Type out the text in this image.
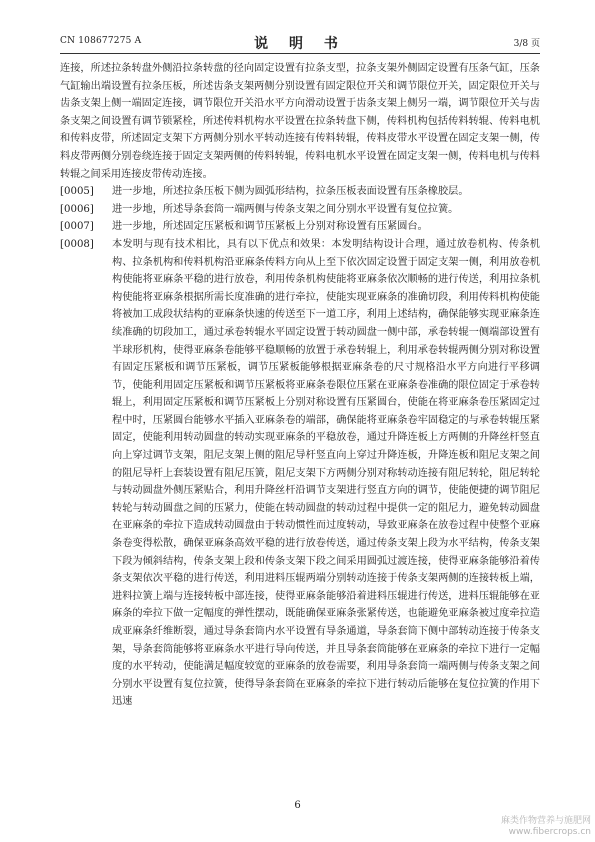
CN 108677275 A	说 明 书	3/8 页

连接，所述拉条转盘外侧沿拉条转盘的径向固定设置有拉条支型，拉条支架外侧固定设置有压条气缸，压条气缸输出端设置有拉条压板，所述齿条支架两侧分别设置有固定限位开关和调节限位开关，固定限位开关与齿条支架上侧一端固定连接，调节限位开关沿水平方向滑动设置于齿条支架上侧另一端，调节限位开关与齿条支架之间设置有调节锁紧栓，所述传料机构水平设置在拉条转盘下侧，传料机构包括传料转辊、传料电机和传料皮带，所述固定支架下方两侧分别水平转动连接有传料转辊，传料皮带水平设置在固定支架一侧，传料皮带两侧分别卷绕连接于固定支架两侧的传料转辊，传料电机水平设置在固定支架一侧，传料电机与传料转辊之间采用连接皮带传动连接。

[0005]	进一步地，所述拉条压板下侧为圆弧形结构，拉条压板表面设置有压条橡胶层。
[0006]	进一步地，所述导条套筒一端两侧与传条支架之间分别水平设置有复位拉簧。
[0007]	进一步地，所述固定压紧板和调节压紧板上分别对称设置有压紧圆台。
[0008]	本发明与现有技术相比，具有以下优点和效果：本发明结构设计合理，通过放卷机构、传条机构、拉条机构和传料机构沿亚麻条传料方向从上至下依次固定设置于固定支架一侧，利用放卷机构使能将亚麻条平稳的进行放卷，利用传条机构使能将亚麻条依次顺畅的进行传送，利用拉条机构使能将亚麻条根据所需长度准确的进行牵拉，使能实现亚麻条的准确切段，利用传料机构使能将被加工成段状结构的亚麻条快速的传送至下一道工序，利用上述结构，确保能够实现亚麻条连续准确的切段加工，通过承卷转辊水平固定设置于转动圆盘一侧中部，承卷转辊一侧端部设置有半球形机构，使得亚麻条卷能够平稳顺畅的放置于承卷转辊上，利用承卷转辊两侧分别对称设置有固定压紧板和调节压紧板，调节压紧板能够根据亚麻条卷的尺寸规格沿水平方向进行平移调节，使能利用固定压紧板和调节压紧板将亚麻条卷限位压紧在亚麻条卷准确的限位固定于承卷转辊上，利用固定压紧板和调节压紧板上分别对称设置有压紧圆台，使能在将亚麻条卷压紧固定过程中时，压紧圆台能够水平插入亚麻条卷的端部，确保能将亚麻条卷牢固稳定的与承卷转辊压紧固定，使能利用转动圆盘的转动实现亚麻条的平稳放卷，通过升降连板上方两侧的升降丝杆竖直向上穿过调节支架，阻尼支架上侧的阻尼导杆竖直向上穿过升降连板，升降连板和阻尼支架之间的阻尼导杆上套装设置有阻尼压簧，阻尼支架下方两侧分别对称转动连接有阻尼转轮，阻尼转轮与转动圆盘外侧压紧贴合，利用升降丝杆沿调节支架进行竖直方向的调节，使能便捷的调节阻尼转轮与转动圆盘之间的压紧力，使能在转动圆盘的转动过程中提供一定的阻尼力，避免转动圆盘在亚麻条的牵拉下造成转动圆盘由于转动惯性而过度转动，导致亚麻条在放卷过程中使整个亚麻条卷变得松散，确保亚麻条高效平稳的进行放卷传送，通过传条支架上段为水平结构，传条支架下段为倾斜结构，传条支架上段和传条支架下段之间采用圆弧过渡连接，使得亚麻条能够沿着传条支架依次平稳的进行传送，利用进料压辊两端分别转动连接于传条支架两侧的连接转板上端，进料拉簧上端与连接转板中部连接，使得亚麻条能够沿着进料压辊进行传送，进料压辊能够在亚麻条的牵拉下做一定幅度的弹性摆动，既能确保亚麻条张紧传送，也能避免亚麻条被过度牵拉造成亚麻条纤维断裂，通过导条套筒内水平设置有导条通道，导条套筒下侧中部转动连接于传条支架，导条套筒能够将亚麻条水平进行导向传送，并且导条套筒能够在亚麻条的牵拉下进行一定幅度的水平转动，使能满足幅度较宽的亚麻条的放卷需要，利用导条套筒一端两侧与传条支架之间分别水平设置有复位拉簧，使得导条套筒在亚麻条的牵拉下进行转动后能够在复位拉簧的作用下迅速
6
麻类作物营养与施肥网
www.fibercrops.cn
